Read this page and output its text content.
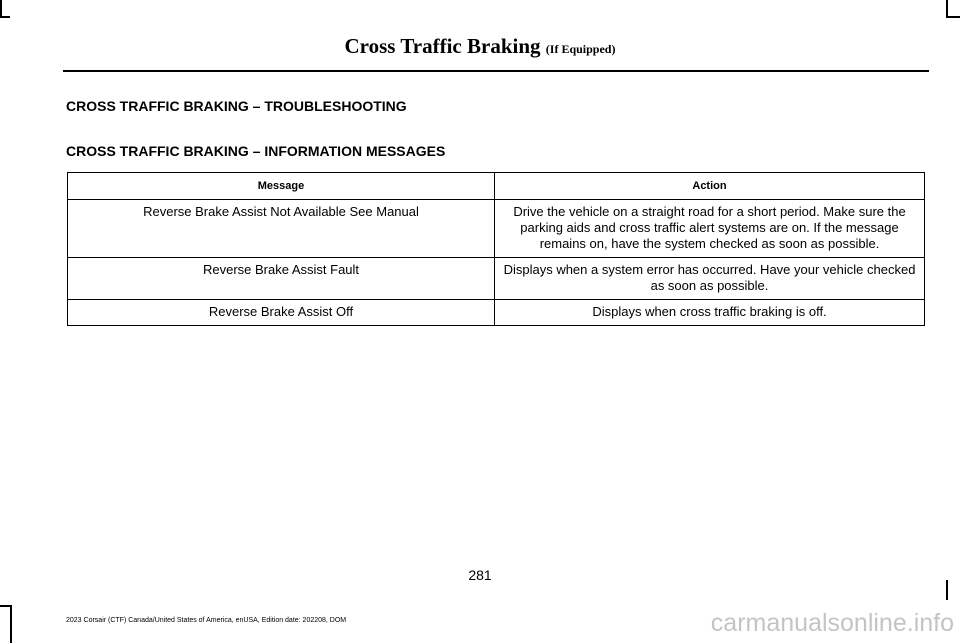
Cross Traffic Braking (If Equipped)
CROSS TRAFFIC BRAKING – TROUBLESHOOTING
CROSS TRAFFIC BRAKING – INFORMATION MESSAGES
Message	Action
Reverse Brake Assist Not Available See Manual	Drive the vehicle on a straight road for a short period. Make sure the parking aids and cross traffic alert systems are on. If the message remains on, have the system checked as soon as possible.
Reverse Brake Assist Fault	Displays when a system error has occurred. Have your vehicle checked as soon as possible.
Reverse Brake Assist Off	Displays when cross traffic braking is off.
281
2023 Corsair (CTF) Canada/United States of America, enUSA, Edition date: 202208, DOM	carmanualsonline.info
